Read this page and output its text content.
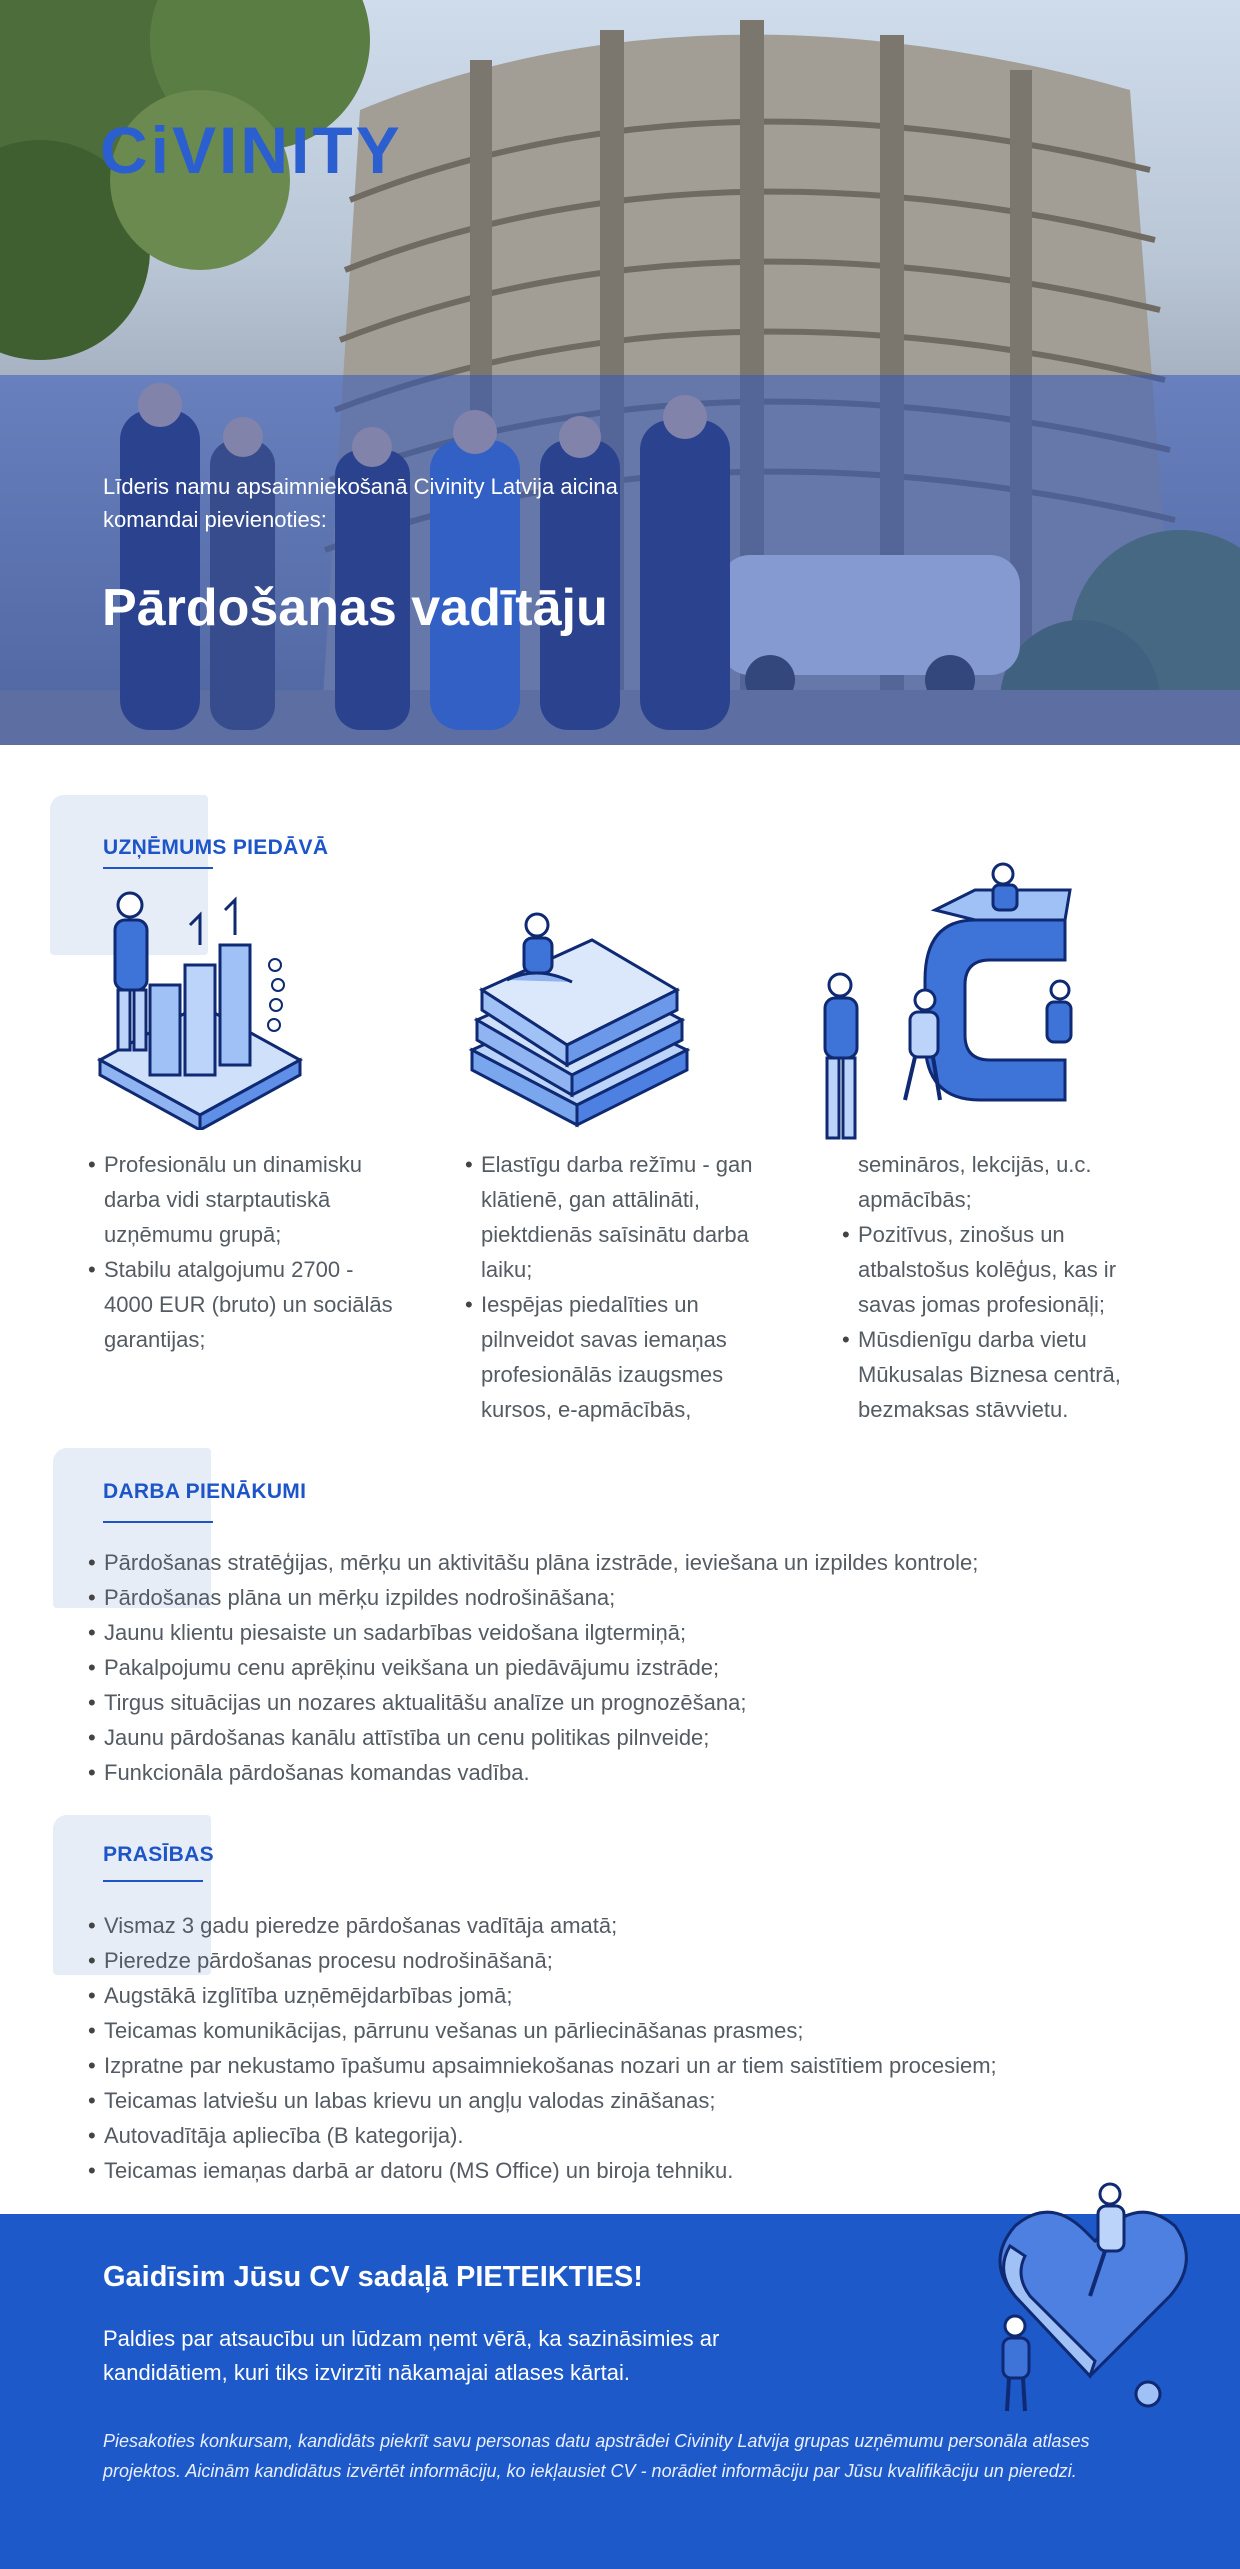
CiVINITY
Līderis namu apsaimniekošanā Civinity Latvija aicina komandai pievienoties:
Pārdošanas vadītāju
UZŅĒMUMS PIEDĀVĀ
• Profesionālu un dinamisku darba vidi starptautiskā uzņēmumu grupā;
• Stabilu atalgojumu 2700 - 4000 EUR (bruto) un sociālās garantijas;
• Elastīgu darba režīmu - gan klātienē, gan attālināti, piektdienās saīsinātu darba laiku;
• Iespējas piedalīties un pilnveidot savas iemaņas profesionālās izaugsmes kursos, e-apmācībās,
semināros, lekcijās, u.c. apmācībās;
• Pozitīvus, zinošus un atbalstošus kolēģus, kas ir savas jomas profesionāļi;
• Mūsdienīgu darba vietu Mūkusalas Biznesa centrā, bezmaksas stāvvietu.
DARBA PIENĀKUMI
• Pārdošanas stratēģijas, mērķu un aktivitāšu plāna izstrāde, ieviešana un izpildes kontrole;
• Pārdošanas plāna un mērķu izpildes nodrošināšana;
• Jaunu klientu piesaiste un sadarbības veidošana ilgtermiņā;
• Pakalpojumu cenu aprēķinu veikšana un piedāvājumu izstrāde;
• Tirgus situācijas un nozares aktualitāšu analīze un prognozēšana;
• Jaunu pārdošanas kanālu attīstība un cenu politikas pilnveide;
• Funkcionāla pārdošanas komandas vadība.
PRASĪBAS
• Vismaz 3 gadu pieredze pārdošanas vadītāja amatā;
• Pieredze pārdošanas procesu nodrošināšanā;
• Augstākā izglītība uzņēmējdarbības jomā;
• Teicamas komunikācijas, pārrunu vešanas un pārliecināšanas prasmes;
• Izpratne par nekustamo īpašumu apsaimniekošanas nozari un ar tiem saistītiem procesiem;
• Teicamas latviešu un labas krievu un angļu valodas zināšanas;
• Autovadītāja apliecība (B kategorija).
• Teicamas iemaņas darbā ar datoru (MS Office) un biroja tehniku.
Gaidīsim Jūsu CV sadaļā PIETEIKTIES!
Paldies par atsaucību un lūdzam ņemt vērā, ka sazināsimies ar kandidātiem, kuri tiks izvirzīti nākamajai atlases kārtai.
Piesakoties konkursam, kandidāts piekrīt savu personas datu apstrādei Civinity Latvija grupas uzņēmumu personāla atlases projektos. Aicinām kandidātus izvērtēt informāciju, ko iekļausiet CV - norādiet informāciju par Jūsu kvalifikāciju un pieredzi.
